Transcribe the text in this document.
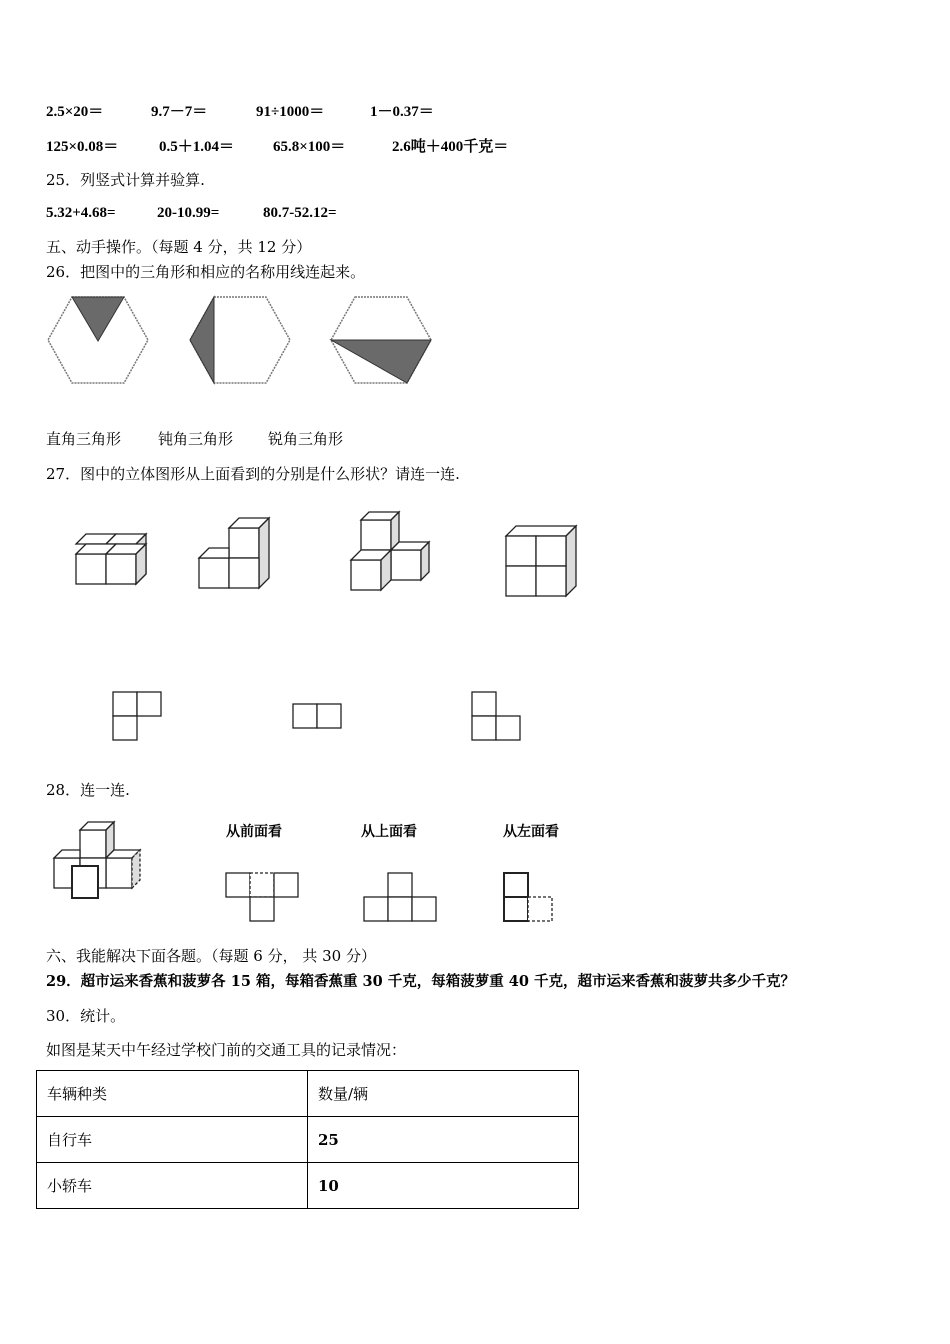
2.5×20＝	9.7－7＝	91÷1000＝	1－0.37＝
125×0.08＝	0.5＋1.04＝	65.8×100＝	2.6吨＋400千克＝
25．列竖式计算并验算.
5.32+4.68=	20-10.99=	80.7-52.12=
五、动手操作。（每题 4 分，共 12 分）
26．把图中的三角形和相应的名称用线连起来。
直角三角形 钝角三角形 锐角三角形
27．图中的立体图形从上面看到的分别是什么形状？请连一连.
28．连一连.
从前面看	从上面看	从左面看
六、我能解决下面各题。（每题 6 分， 共 30 分）
29．超市运来香蕉和菠萝各 15 箱，每箱香蕉重 30 千克，每箱菠萝重 40 千克，超市运来香蕉和菠萝共多少千克？
30．统计。
如图是某天中午经过学校门前的交通工具的记录情况：
车辆种类	数量/辆
自行车	25
小轿车	10
